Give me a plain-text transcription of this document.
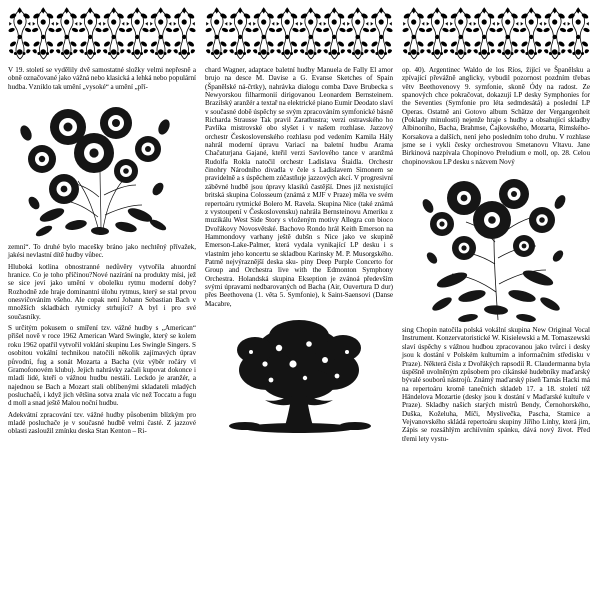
V 19. století se vydělily dvě samostatné složky velmi nepřesně a obně označované jako vážná nebo klasická a lehká nebo populární hudba. Vzniklo tak umění „vysoké“ a umění „pří-

zemní“. To druhé bylo macešky bráno jako nechtěný přívažek, jakési nevlastní dítě hudby vůbec.

Hluboká kotlina obnostranné nedůvěry vytvořila ahuordní hranice. Co je toho příčinou?Nové nazírání na produkty mísi, jež se sice jeví jako umění v obolelku rytmu moderní doby? Rozhodně zde hraje dominantní úlohu rytmus, který se stal prvou onesvičováním všeho. Ale copak není Johann Sebastian Bach v množších skladbách rytmicky strhující? A byl i pro své současníky.

S určitým pokusem o smíření tzv. vážné hudby s „American“ přišel nově v roce 1962 American Ward Swingle, který se kolem roku 1962 opatřil vytvořil voklání skupinu Les Swingle Singers. S osobitou vokální technikou natočili několik zajímavých úprav původní, fug a sonát Mozarta a Bacha (viz výběr ročáry vl Gramofonovém klubu). Jejich nahrávky začali kupovat dokonce i mladí lidé, kteří o vážnou hudbu nestáli. Leckdo je aranžér, a najednou se Bach a Mozart stali oblíbenými skladateli mladých posluchačů, i když jich většina sotva znala víc než Toccatu a fugu d moll a snad ještě Malou noční hudbu.

Adekvátní zpracování tzv. vážné hudby působením blízkým pro mladé posluchače je v současné hudbě velmi časté. Z jazzové oblasti zasloužil zmínku deska Stan Kenton – Ri-

chard Wagner, adaptace baletní hudby Manuela de Fally El amor brujo na desce M. Davise a G. Evanse Sketches of Spain (Španělské ná-črtky), nahrávka dialogu comba Dave Brubecka s Newyorskou filharmonií dirigovanou Leonardem Bernsteinem. Brazilský aranžér a textař na elektrické piano Eumir Deodato slaví v současné době úspěchy se svým zpracováním symfonické básně Richarda Strausse Tak pravil Zarathustra; verzi ostravského ho Pavlíka mistrovské obo slyšet i v našem rozhlase. Jazzový orchestr Československého rozhlasu pod vedením Kamila Hály nahrál moderní úpravu Variací na baletní hudbu Arama Chačaturjana Gajané, kteřil verzi Savlového tance v aranžmá Rudolfa Rokla natočil orchestr Ladislava Štaidla. Orchestr činohry Národního divadla v čele s Ladislavem Simonem se pravidelně a s úspěchem zúčastňuje jazzových akcí. V progresivní záběvné hudbě jsou úpravy klasiků častější. Dnes již nexistující britská skupina Colosseum (známá z MJF v Praze) měla ve svém repertoáru rytmické Bolero M. Ravela. Skupina Nice (také známá z vystoupení v Československu) nahrála Bernsteinovu Ameriku z muzikálu West Side Story s vloženým motivy Allegra con bioco Dvořákovy Novosvětské. Bachovo Rondo hrál Keith Emerson na Hammondovy varhany ještě dubšn s Nice jako ve skupině Emerson-Lake-Palmer, která vydala vynikající LP desku i s vlastním jeho koncertu se skladbou Karinsky M. P. Musorgského. Patrně nejvýraznější deska sku- piny Deep Purple Concerto for Group and Orchestra live with the Edmonton Symphony Orchestra. Holandská skupina Ekseption je zvánoá především svými úpravami nedbarovaných od Bacha (Air, Ouvertura D dur) přes Beethovena (1. věta 5. Symfonie), k Saint-Saensovi (Danse Macabre,

op. 40). Argentinec Waldo de los Ríos, žijící ve Španělsku a zpívající převážně anglicky, vybudil pozornost pozdním třebas větv Beethovenovy 9. symfonie, skoně Ódy na radost. Ze spanových chce pokračovat, dokazují LP desky Symphonies for the Seventies (Symfonie pro léta sedmdesátá) a poslední LP Operas. Ostatně ani Gotovo album Schätze der Vergangenheit (Poklady minulosti) nejenže hraje s hudby a obsahující skladby Albinoniho, Bacha, Brahmse, Čajkovského, Mozarta, Rimského-Korsakova a dalších, není jeho posledním toho druhu. V rozhlase jsme se i vykli česky orchestrovou Smetanovu Vltavu. Jane Birkinová nazpívala Chopinovo Preludium e moll, op. 28. Celou chopinovskou LP desku s názvem Nový

sing Chopin natočila polská vokální skupina New Original Vocal Instrument. Konzervatoristické W. Kisielewski a M. Tomaszewski slaví úspěchy s vážnou hudbou zpracovanou jako tvůrci i desky jsou k dostání v Polském kulturním a informačním středisku v Praze). Některá čísla z Dvořákých rapsodií R. Claudermanna byla úspěšně uvolněným způsobem pro cikánské hudebníky maďarský bývalé souborů nástrojů. Známý maďarský píseň Tamás Hacki má na repertoáru kromě tanečních skladeb 17. a 18. století též Händelova Mozartie (desky jsou k dostání v Maďarské kultuře v Praze). Skladby našich starých mistrů Bendy, Černohorského, Duška, Koželuha, Míči, Myslivečka, Pascha, Stamice a Vejvanovského skládá repertoáru skupiny Jiřího Linhy, která jim, Zápis se rozsáhlým archiívním spánku, dává nový život. Před třemi lety vystu-
